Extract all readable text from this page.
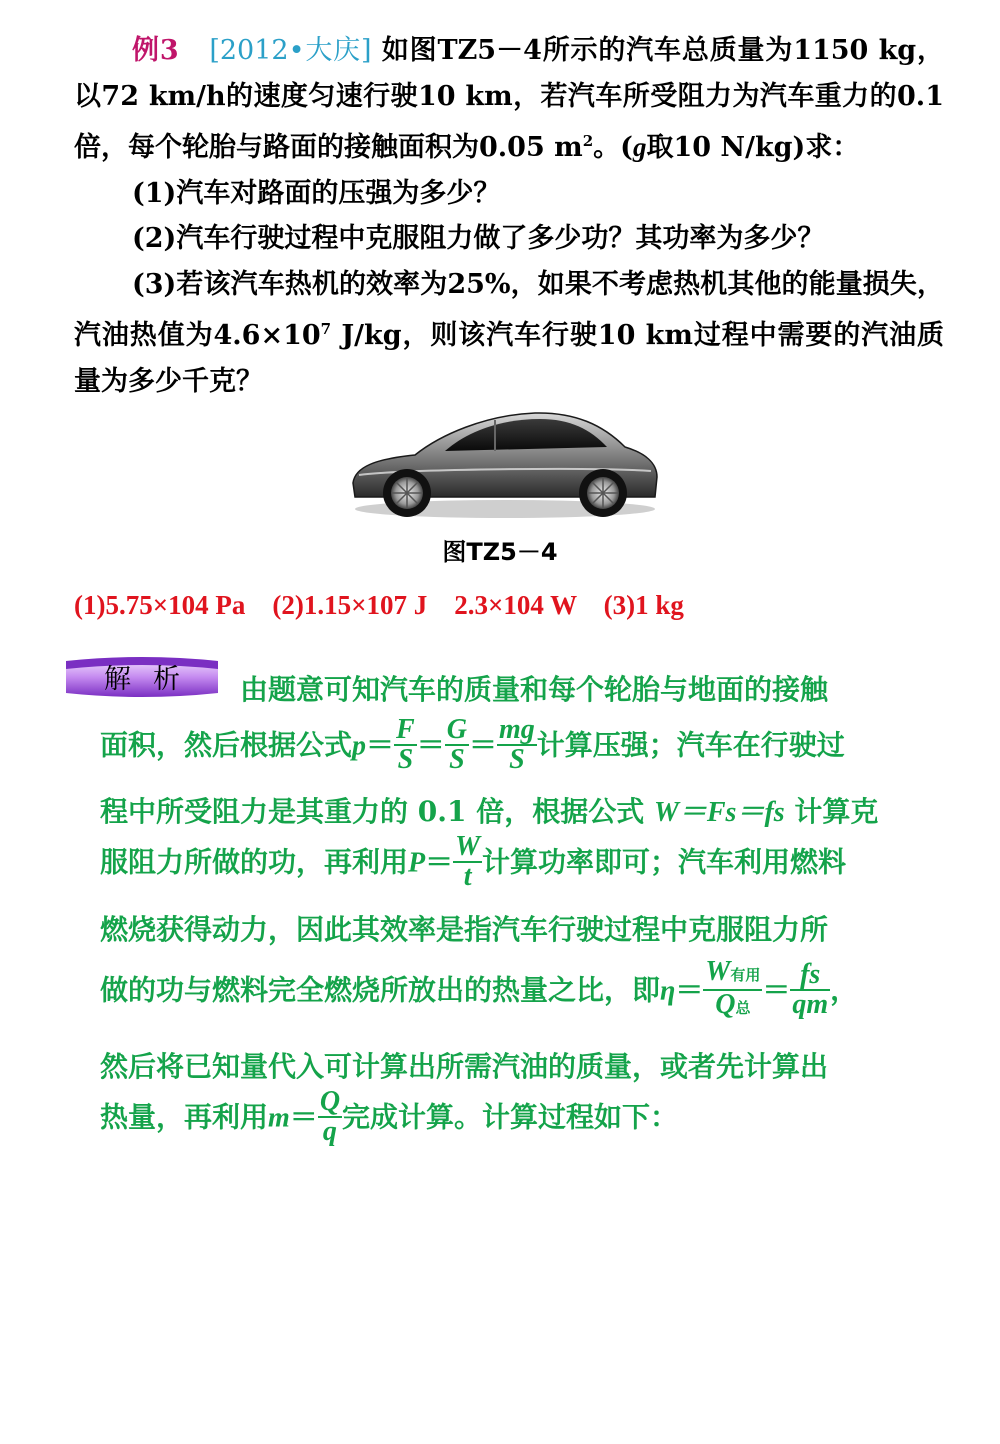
例3 [2012•大庆] 如图TZ5－4所示的汽车总质量为1150 kg，以72 km/h的速度匀速行驶10 km，若汽车所受阻力为汽车重力的0.1倍，每个轮胎与路面的接触面积为0.05 $m^2$。(g取10 N/kg)求：

(1)汽车对路面的压强为多少？

(2)汽车行驶过程中克服阻力做了多少功？其功率为多少？

(3)若该汽车热机的效率为25%，如果不考虑热机其他的能量损失，汽油热值为$4.6\times 10^7$ J/kg，则该汽车行驶10 km过程中需要的汽油质量为多少千克？

图TZ5－4
(1)5.75×104 Pa    (2)1.15×107 J    2.3×104 W    (3)1 kg
解析	由题意可知汽车的质量和每个轮胎与地面的接触
面积，然后根据公式$p= \frac{F}{S} = \frac{G}{S} = \frac{mg}{S}$ 计算压强；汽车在行驶过
程中所受阻力是其重力的 0.1 倍，根据公式 W＝Fs＝fs 计算克
服阻力所做的功，再利用$P= \frac{W}{t}$ 计算功率即可；汽车利用燃料
燃烧获得动力，因此其效率是指汽车行驶过程中克服阻力所
做的功与燃料完全燃烧所放出的热量之比，即$\eta= \frac{\text{W有用}}{\text{Q总}} = \frac{fs}{qm}$ ，
然后将已知量代入可计算出所需汽油的质量，或者先计算出
热量，再利用$m= \frac{Q}{q}$ 完成计算。计算过程如下：
